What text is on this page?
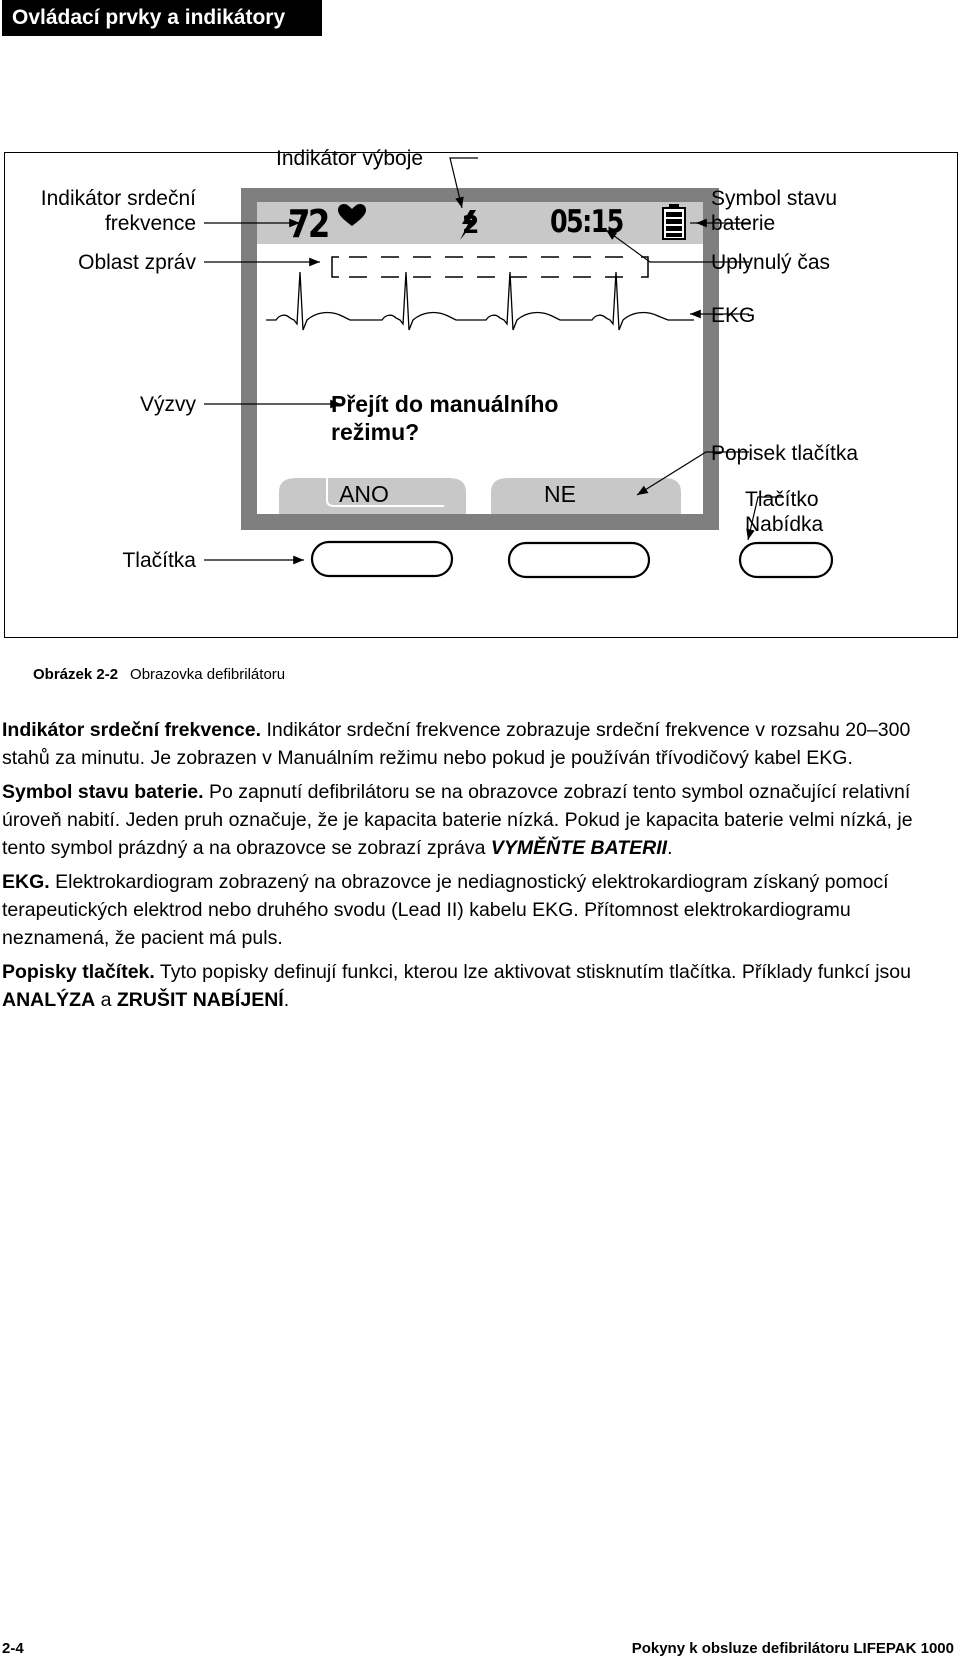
Ovládací prvky a indikátory
Indikátor výboje
Indikátor srdeční
frekvence
Oblast zpráv
Symbol stavu
baterie
Uplynulý čas
EKG
Výzvy
Popisek tlačítka
Tlačítko
Nabídka
Tlačítka
72	2 05:15
Přejít do manuálního
režimu?
ANO	NE
Obrázek 2-2 Obrazovka defibrilátoru

Indikátor srdeční frekvence. Indikátor srdeční frekvence zobrazuje srdeční frekvence v rozsahu 20–300 stahů za minutu. Je zobrazen v Manuálním režimu nebo pokud je používán třívodičový kabel EKG.

Symbol stavu baterie. Po zapnutí defibrilátoru se na obrazovce zobrazí tento symbol označující relativní úroveň nabití. Jeden pruh označuje, že je kapacita baterie nízká. Pokud je kapacita baterie velmi nízká, je tento symbol prázdný a na obrazovce se zobrazí zpráva VYMĚŇTE BATERII.

EKG. Elektrokardiogram zobrazený na obrazovce je nediagnostický elektrokardiogram získaný pomocí terapeutických elektrod nebo druhého svodu (Lead II) kabelu EKG. Přítomnost elektrokardiogramu neznamená, že pacient má puls.

Popisky tlačítek. Tyto popisky definují funkci, kterou lze aktivovat stisknutím tlačítka. Příklady funkcí jsou ANALÝZA a ZRUŠIT NABÍJENÍ.

2-4	Pokyny k obsluze defibrilátoru LIFEPAK 1000
